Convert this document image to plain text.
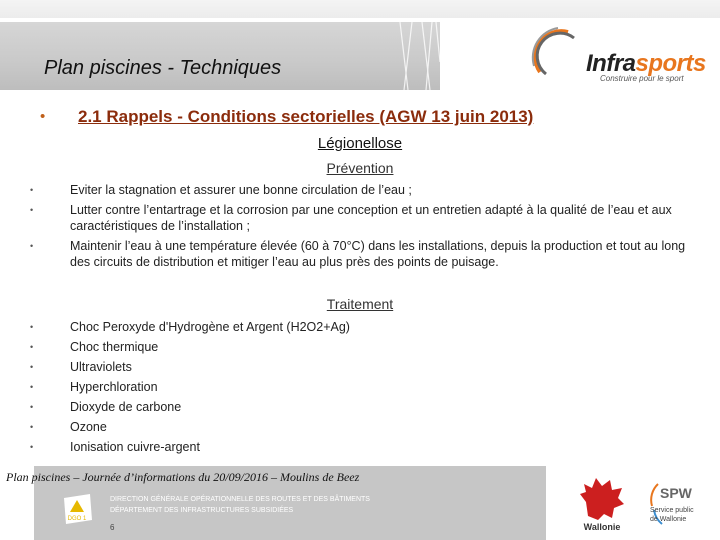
Plan piscines - Techniques	Infrasports
Construire pour le sport
• 2.1 Rappels - Conditions sectorielles (AGW 13 juin 2013)
Légionellose
Prévention
•	Eviter la stagnation et assurer une bonne circulation de l’eau ;
•	Lutter contre l’entartrage et la corrosion par une conception et un entretien adapté à la qualité de l’eau et aux caractéristiques de l’installation ;
•	Maintenir l’eau à une température élevée (60 à 70°C) dans les installations, depuis la production et tout au long des circuits de distribution et mitiger l’eau au plus près des points de puisage.
Traitement
•	Choc Peroxyde d'Hydrogène et Argent (H2O2+Ag)
•	Choc thermique
•	Ultraviolets
•	Hyperchloration
•	Dioxyde de carbone
•	Ozone
•	Ionisation cuivre-argent
Plan piscines – Journée d’informations du 20/09/2016 – Moulins de Beez
DGO 1
DIRECTION GÉNÉRALE OPÉRATIONNELLE DES ROUTES ET DES BÂTIMENTS
DÉPARTEMENT DES INFRASTRUCTURES SUBSIDIÉES
6	Wallonie
SPW
Service public
de Wallonie
